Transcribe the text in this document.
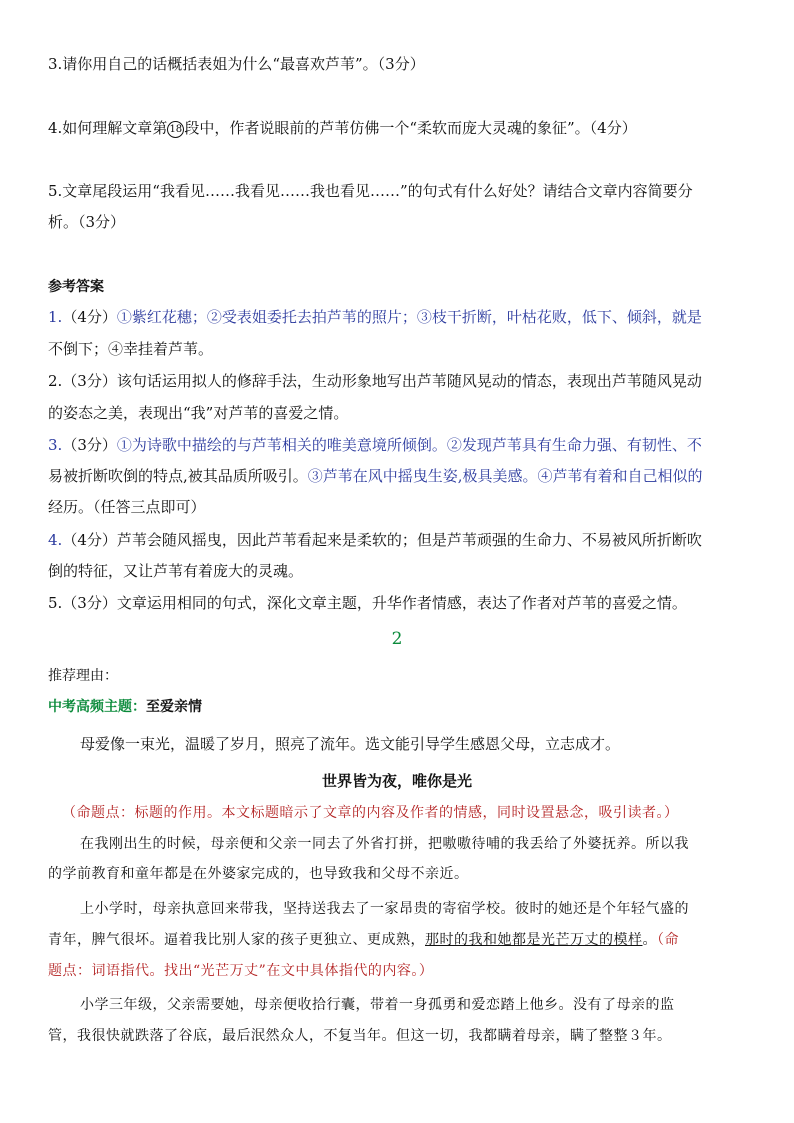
3.请你用自己的话概括表姐为什么“最喜欢芦苇”。（3分）
4.如何理解文章第 18 段中，作者说眼前的芦苇仿佛一个“柔软而庞大灵魂的象征”。（4分）
5.文章尾段运用“我看见……我看见……我也看见……”的句式有什么好处？请结合文章内容简要分
析。（3分）
参考答案
1.（4分）①紫红花穗；②受表姐委托去拍芦苇的照片；③枝干折断，叶枯花败，低下、倾斜，就是
不倒下；④幸挂着芦苇。
2.（3分）该句话运用拟人的修辞手法，生动形象地写出芦苇随风晃动的情态，表现出芦苇随风晃动
的姿态之美，表现出“我”对芦苇的喜爱之情。
3.（3分）①为诗歌中描绘的与芦苇相关的唯美意境所倾倒。②发现芦苇具有生命力强、有韧性、不
易被折断吹倒的特点,被其品质所吸引。③芦苇在风中摇曳生姿,极具美感。④芦苇有着和自己相似的
经历。（任答三点即可）
4.（4分）芦苇会随风摇曳，因此芦苇看起来是柔软的；但是芦苇顽强的生命力、不易被风所折断吹
倒的特征，又让芦苇有着庞大的灵魂。
5.（3分）文章运用相同的句式，深化文章主题，升华作者情感，表达了作者对芦苇的喜爱之情。
2
推荐理由：
中考高频主题：至爱亲情
母爱像一束光，温暖了岁月，照亮了流年。选文能引导学生感恩父母，立志成才。
世界皆为夜，唯你是光
（命题点：标题的作用。本文标题暗示了文章的内容及作者的情感，同时设置悬念，吸引读者。）
在我刚出生的时候，母亲便和父亲一同去了外省打拼，把嗷嗷待哺的我丢给了外婆抚养。所以我
的学前教育和童年都是在外婆家完成的，也导致我和父母不亲近。
上小学时，母亲执意回来带我，坚持送我去了一家昂贵的寄宿学校。彼时的她还是个年轻气盛的
青年，脾气很坏。逼着我比别人家的孩子更独立、更成熟，那时的我和她都是光芒万丈的模样。（命
题点：词语指代。找出“光芒万丈”在文中具体指代的内容。）
小学三年级，父亲需要她，母亲便收拾行囊，带着一身孤勇和爱恋踏上他乡。没有了母亲的监
管，我很快就跌落了谷底，最后泯然众人，不复当年。但这一切，我都瞒着母亲，瞒了整整３年。
